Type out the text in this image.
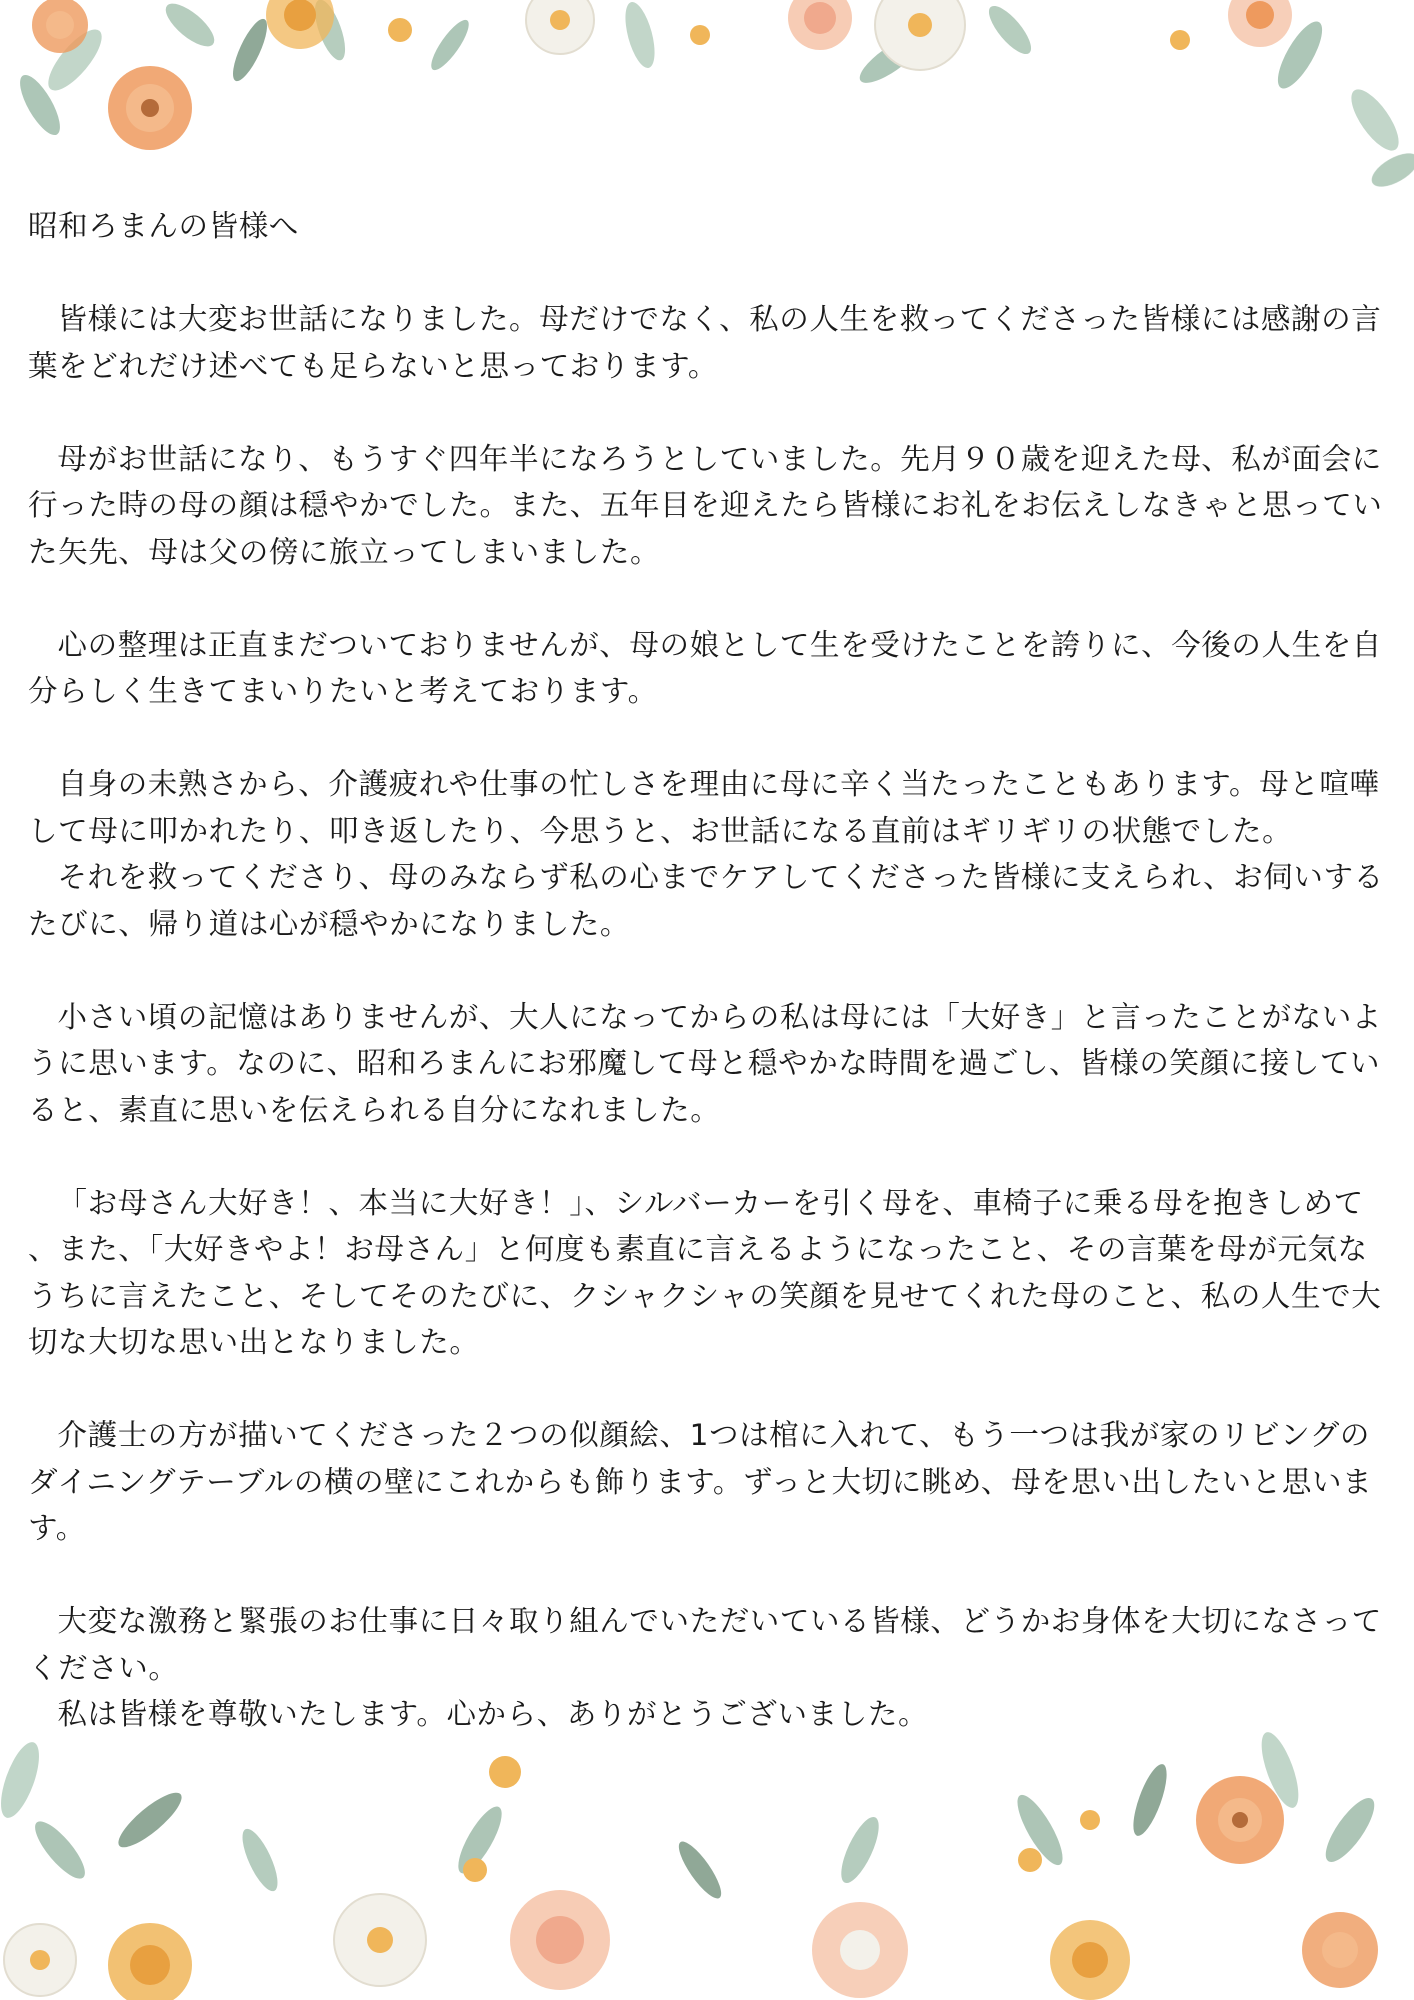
昭和ろまんの皆様へ

皆様には大変お世話になりました。母だけでなく、私の人生を救ってくださった皆様には感謝の言葉をどれだけ述べても足らないと思っております。

母がお世話になり、もうすぐ四年半になろうとしていました。先月９０歳を迎えた母、私が面会に行った時の母の顔は穏やかでした。また、五年目を迎えたら皆様にお礼をお伝えしなきゃと思っていた矢先、母は父の傍に旅立ってしまいました。

心の整理は正直まだついておりませんが、母の娘として生を受けたことを誇りに、今後の人生を自分らしく生きてまいりたいと考えております。

自身の未熟さから、介護疲れや仕事の忙しさを理由に母に辛く当たったこともあります。母と喧嘩して母に叩かれたり、叩き返したり、今思うと、お世話になる直前はギリギリの状態でした。

それを救ってくださり、母のみならず私の心までケアしてくださった皆様に支えられ、お伺いするたびに、帰り道は心が穏やかになりました。

小さい頃の記憶はありませんが、大人になってからの私は母には「大好き」と言ったことがないように思います。なのに、昭和ろまんにお邪魔して母と穏やかな時間を過ごし、皆様の笑顔に接していると、素直に思いを伝えられる自分になれました。

「お母さん大好き！、本当に大好き！」、シルバーカーを引く母を、車椅子に乗る母を抱きしめて、また、「大好きやよ！お母さん」と何度も素直に言えるようになったこと、その言葉を母が元気なうちに言えたこと、そしてそのたびに、クシャクシャの笑顔を見せてくれた母のこと、私の人生で大切な大切な思い出となりました。

介護士の方が描いてくださった２つの似顔絵、1つは棺に入れて、もう一つは我が家のリビングのダイニングテーブルの横の壁にこれからも飾ります。ずっと大切に眺め、母を思い出したいと思います。

大変な激務と緊張のお仕事に日々取り組んでいただいている皆様、どうかお身体を大切になさってください。

私は皆様を尊敬いたします。心から、ありがとうございました。
